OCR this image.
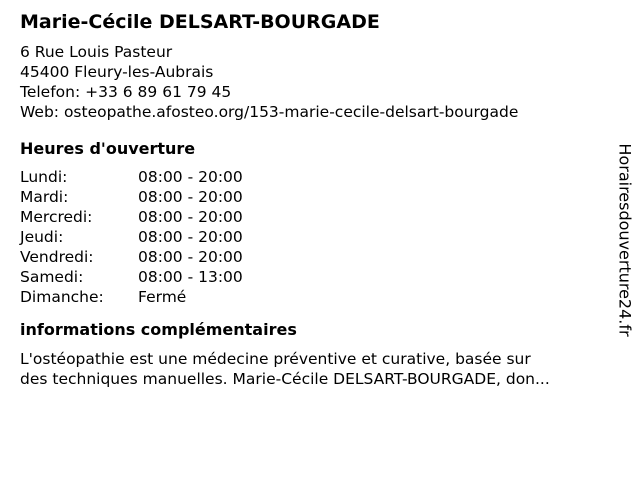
Marie-Cécile DELSART-BOURGADE
6 Rue Louis Pasteur
45400 Fleury-les-Aubrais
Telefon: +33 6 89 61 79 45
Web: osteopathe.afosteo.org/153-marie-cecile-delsart-bourgade
Heures d'ouverture
Lundi:	08:00 - 20:00
Mardi:	08:00 - 20:00
Mercredi:	08:00 - 20:00
Jeudi:	08:00 - 20:00
Vendredi:	08:00 - 20:00
Samedi:	08:00 - 13:00
Dimanche:	Fermé
informations complémentaires
L'ostéopathie est une médecine préventive et curative, basée sur
des techniques manuelles. Marie-Cécile DELSART-BOURGADE, don...
Horairesdouverture24.fr
